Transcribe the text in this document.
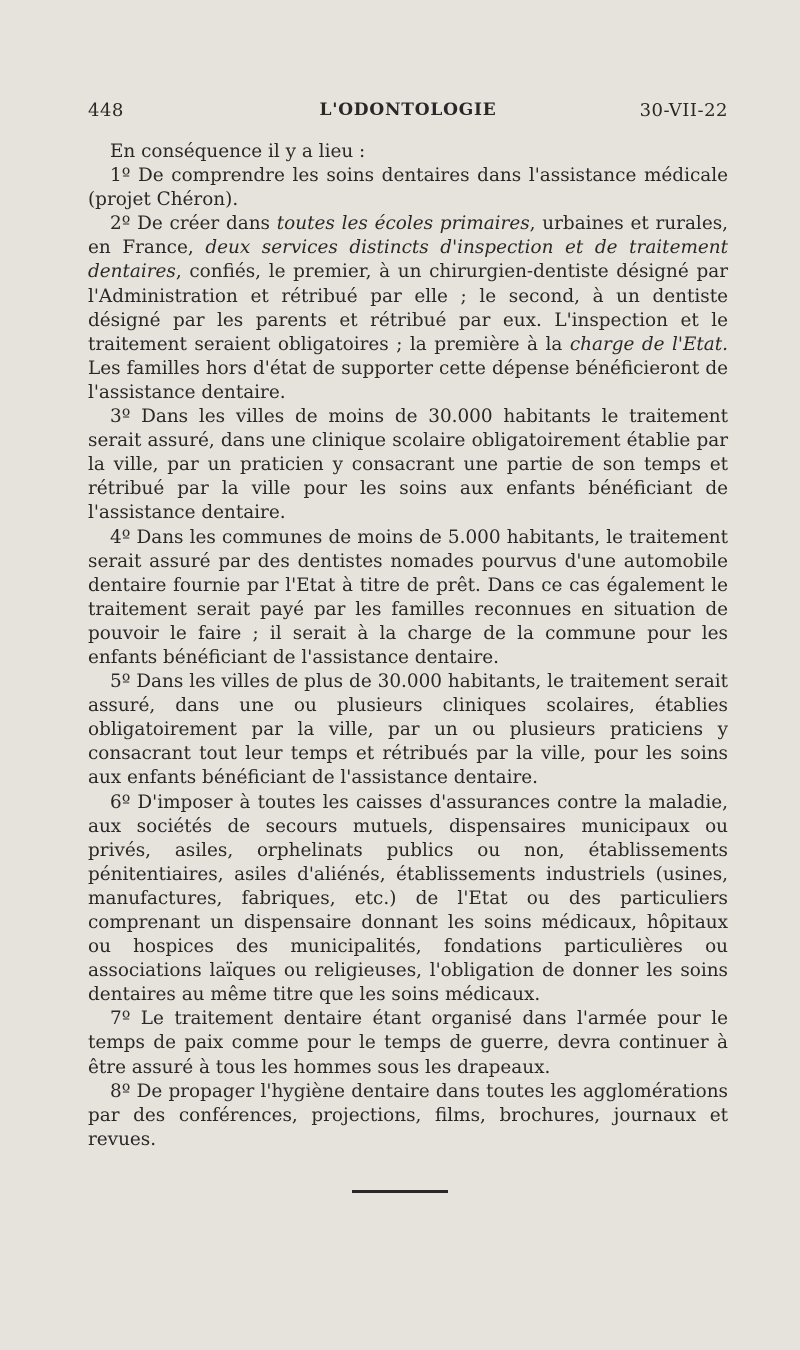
448	L'ODONTOLOGIE	30-VII-22

En conséquence il y a lieu :

1º De comprendre les soins dentaires dans l'assistance médicale (projet Chéron).

2º De créer dans toutes les écoles primaires, urbaines et rurales, en France, deux services distincts d'inspection et de traitement dentaires, confiés, le premier, à un chirurgien-dentiste désigné par l'Administration et rétribué par elle ; le second, à un dentiste désigné par les parents et rétribué par eux. L'inspection et le traitement seraient obligatoires ; la première à la charge de l'Etat. Les familles hors d'état de supporter cette dépense bénéficieront de l'assistance dentaire.

3º Dans les villes de moins de 30.000 habitants le traitement serait assuré, dans une clinique scolaire obligatoirement établie par la ville, par un praticien y consacrant une partie de son temps et rétribué par la ville pour les soins aux enfants bénéficiant de l'assistance dentaire.

4º Dans les communes de moins de 5.000 habitants, le traitement serait assuré par des dentistes nomades pourvus d'une automobile dentaire fournie par l'Etat à titre de prêt. Dans ce cas également le traitement serait payé par les familles reconnues en situation de pouvoir le faire ; il serait à la charge de la commune pour les enfants bénéficiant de l'assistance dentaire.

5º Dans les villes de plus de 30.000 habitants, le traitement serait assuré, dans une ou plusieurs cliniques scolaires, établies obligatoirement par la ville, par un ou plusieurs praticiens y consacrant tout leur temps et rétribués par la ville, pour les soins aux enfants bénéficiant de l'assistance dentaire.

6º D'imposer à toutes les caisses d'assurances contre la maladie, aux sociétés de secours mutuels, dispensaires municipaux ou privés, asiles, orphelinats publics ou non, établissements pénitentiaires, asiles d'aliénés, établissements industriels (usines, manufactures, fabriques, etc.) de l'Etat ou des particuliers comprenant un dispensaire donnant les soins médicaux, hôpitaux ou hospices des municipalités, fondations particulières ou associations laïques ou religieuses, l'obligation de donner les soins dentaires au même titre que les soins médicaux.

7º Le traitement dentaire étant organisé dans l'armée pour le temps de paix comme pour le temps de guerre, devra continuer à être assuré à tous les hommes sous les drapeaux.

8º De propager l'hygiène dentaire dans toutes les agglomérations par des conférences, projections, films, brochures, journaux et revues.
